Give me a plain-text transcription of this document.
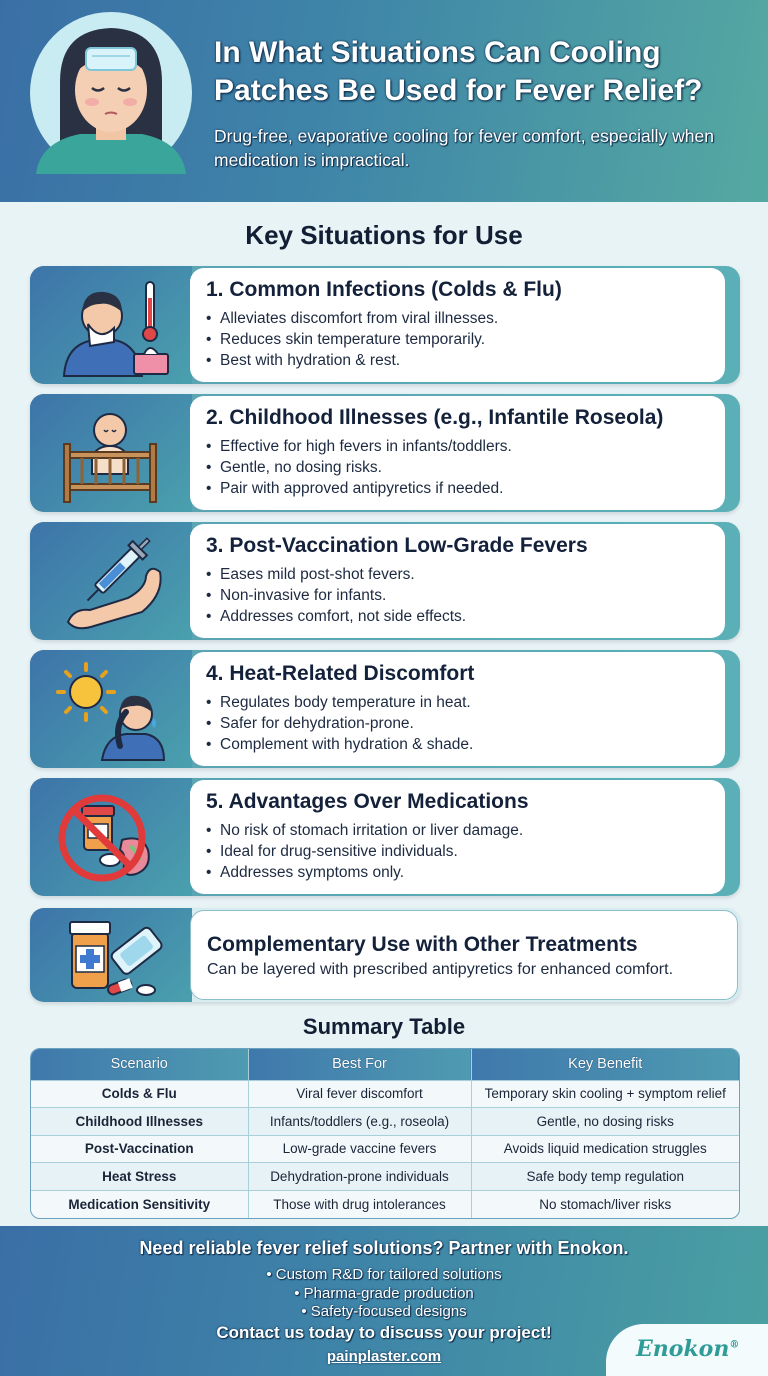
In What Situations Can Cooling Patches Be Used for Fever Relief?

Drug-free, evaporative cooling for fever comfort, especially when medication is impractical.

Key Situations for Use
1. Common Infections (Colds & Flu)
• Alleviates discomfort from viral illnesses.
• Reduces skin temperature temporarily.
• Best with hydration & rest.
2. Childhood Illnesses (e.g., Infantile Roseola)
• Effective for high fevers in infants/toddlers.
• Gentle, no dosing risks.
• Pair with approved antipyretics if needed.
3. Post-Vaccination Low-Grade Fevers
• Eases mild post-shot fevers.
• Non-invasive for infants.
• Addresses comfort, not side effects.
4. Heat-Related Discomfort
• Regulates body temperature in heat.
• Safer for dehydration-prone.
• Complement with hydration & shade.
5. Advantages Over Medications
• No risk of stomach irritation or liver damage.
• Ideal for drug-sensitive individuals.
• Addresses symptoms only.
Complementary Use with Other Treatments

Can be layered with prescribed antipyretics for enhanced comfort.

Summary Table
Scenario	Best For	Key Benefit
Colds & Flu	Viral fever discomfort	Temporary skin cooling + symptom relief
Childhood Illnesses	Infants/toddlers (e.g., roseola)	Gentle, no dosing risks
Post-Vaccination	Low-grade vaccine fevers	Avoids liquid medication struggles
Heat Stress	Dehydration-prone individuals	Safe body temp regulation
Medication Sensitivity	Those with drug intolerances	No stomach/liver risks
Need reliable fever relief solutions? Partner with Enokon.
• Custom R&D for tailored solutions
• Pharma-grade production
• Safety-focused designs
Contact us today to discuss your project!
painplaster.com	Enokon®
